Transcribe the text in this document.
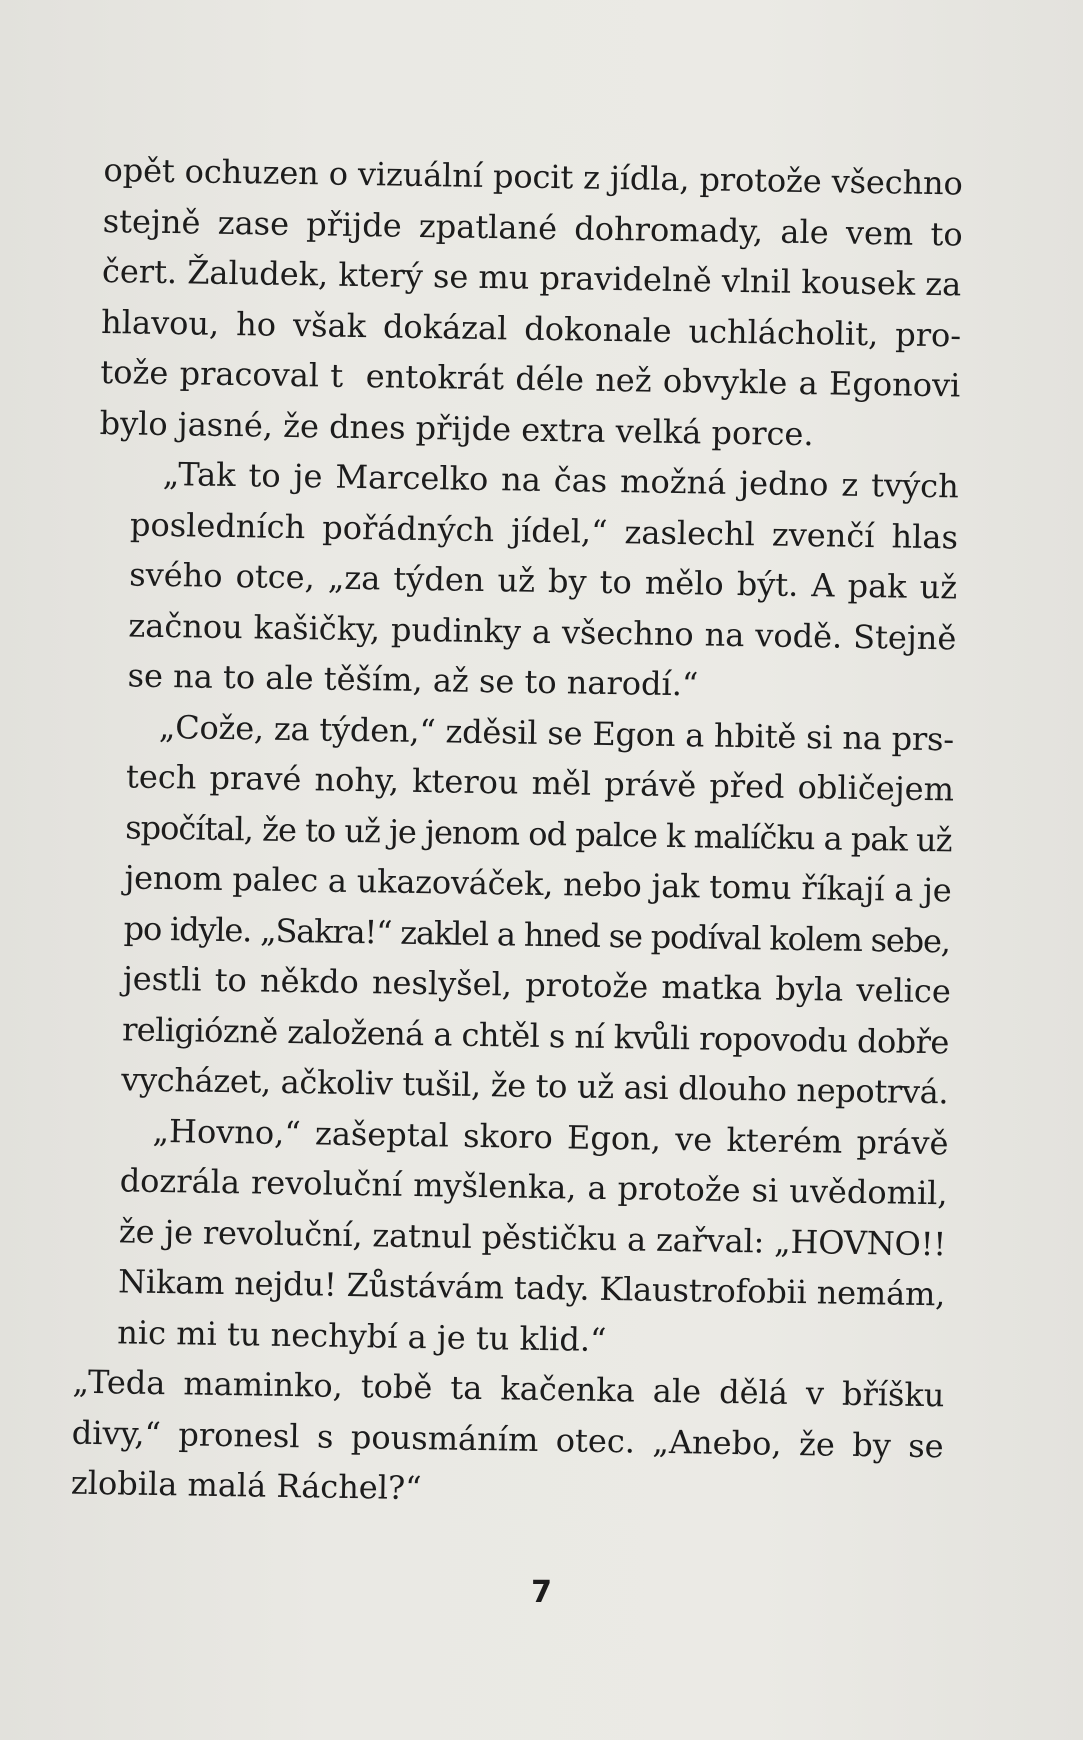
opět ochuzen o vizuální pocit z jídla, protože všechno
stejně zase přijde zpatlané dohromady, ale vem to
čert. Žaludek, který se mu pravidelně vlnil kousek za
hlavou, ho však dokázal dokonale uchlácholit, pro-
tože pracoval t  entokrát déle než obvykle a Egonovi
bylo jasné, že dnes přijde extra velká porce.

„Tak to je Marcelko na čas možná jedno z tvých
posledních pořádných jídel,“ zaslechl zvenčí hlas
svého otce, „za týden už by to mělo být. A pak už
začnou kašičky, pudinky a všechno na vodě. Stejně
se na to ale těším, až se to narodí.“

„Cože, za týden,“ zděsil se Egon a hbitě si na prs-
tech pravé nohy, kterou měl právě před obličejem
spočítal, že to už je jenom od palce k malíčku a pak už
jenom palec a ukazováček, nebo jak tomu říkají a je
po idyle. „Sakra!“ zaklel a hned se podíval kolem sebe,
jestli to někdo neslyšel, protože matka byla velice
religiózně založená a chtěl s ní kvůli ropovodu dobře
vycházet, ačkoliv tušil, že to už asi dlouho nepotrvá.

„Hovno,“ zašeptal skoro Egon, ve kterém právě
dozrála revoluční myšlenka, a protože si uvědomil,
že je revoluční, zatnul pěstičku a zařval: „HOVNO!!
Nikam nejdu! Zůstávám tady. Klaustrofobii nemám,
nic mi tu nechybí a je tu klid.“

„Teda maminko, tobě ta kačenka ale dělá v bříšku
divy,“ pronesl s pousmáním otec. „Anebo, že by se
zlobila malá Ráchel?“

7
